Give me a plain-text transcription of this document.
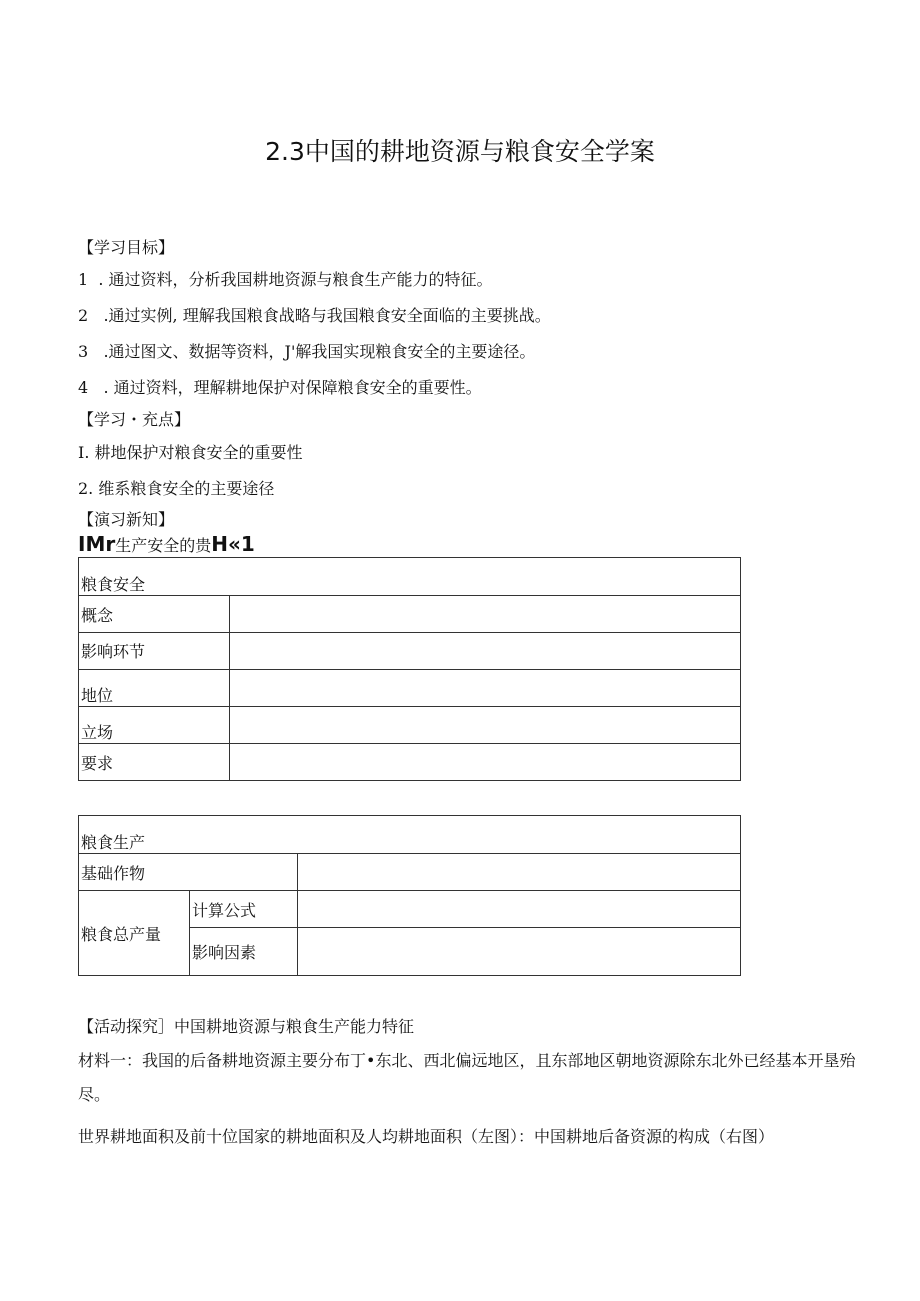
2.3中国的耕地资源与粮食安全学案
【学习目标】
1 . 通过资料，分析我国耕地资源与粮食生产能力的特征。
2 .通过实例, 理解我国粮食战略与我国粮食安全面临的主要挑战。
3 .通过图文、数据等资料，J'解我国实现粮食安全的主要途径。
4 . 通过资料，理解耕地保护对保障粮食安全的重要性。
【学习・充点】
I. 耕地保护对粮食安全的重要性
2. 维系粮食安全的主要途径
【演习新知】
IMr生产安全的贵H«1
粮食安全	
概念	
影响环节	
地位	
立场	
要求	
粮食生产		
基础作物		
粮食总产量	计算公式	
	影响因素	
【活动探究］中国耕地资源与粮食生产能力特征
材料一：我国的后备耕地资源主要分布丁•东北、西北偏远地区，且东部地区朝地资源除东北外已经基本开垦殆尽。
世界耕地面积及前十位国家的耕地面积及人均耕地面积（左图）：中国耕地后备资源的构成（右图）
